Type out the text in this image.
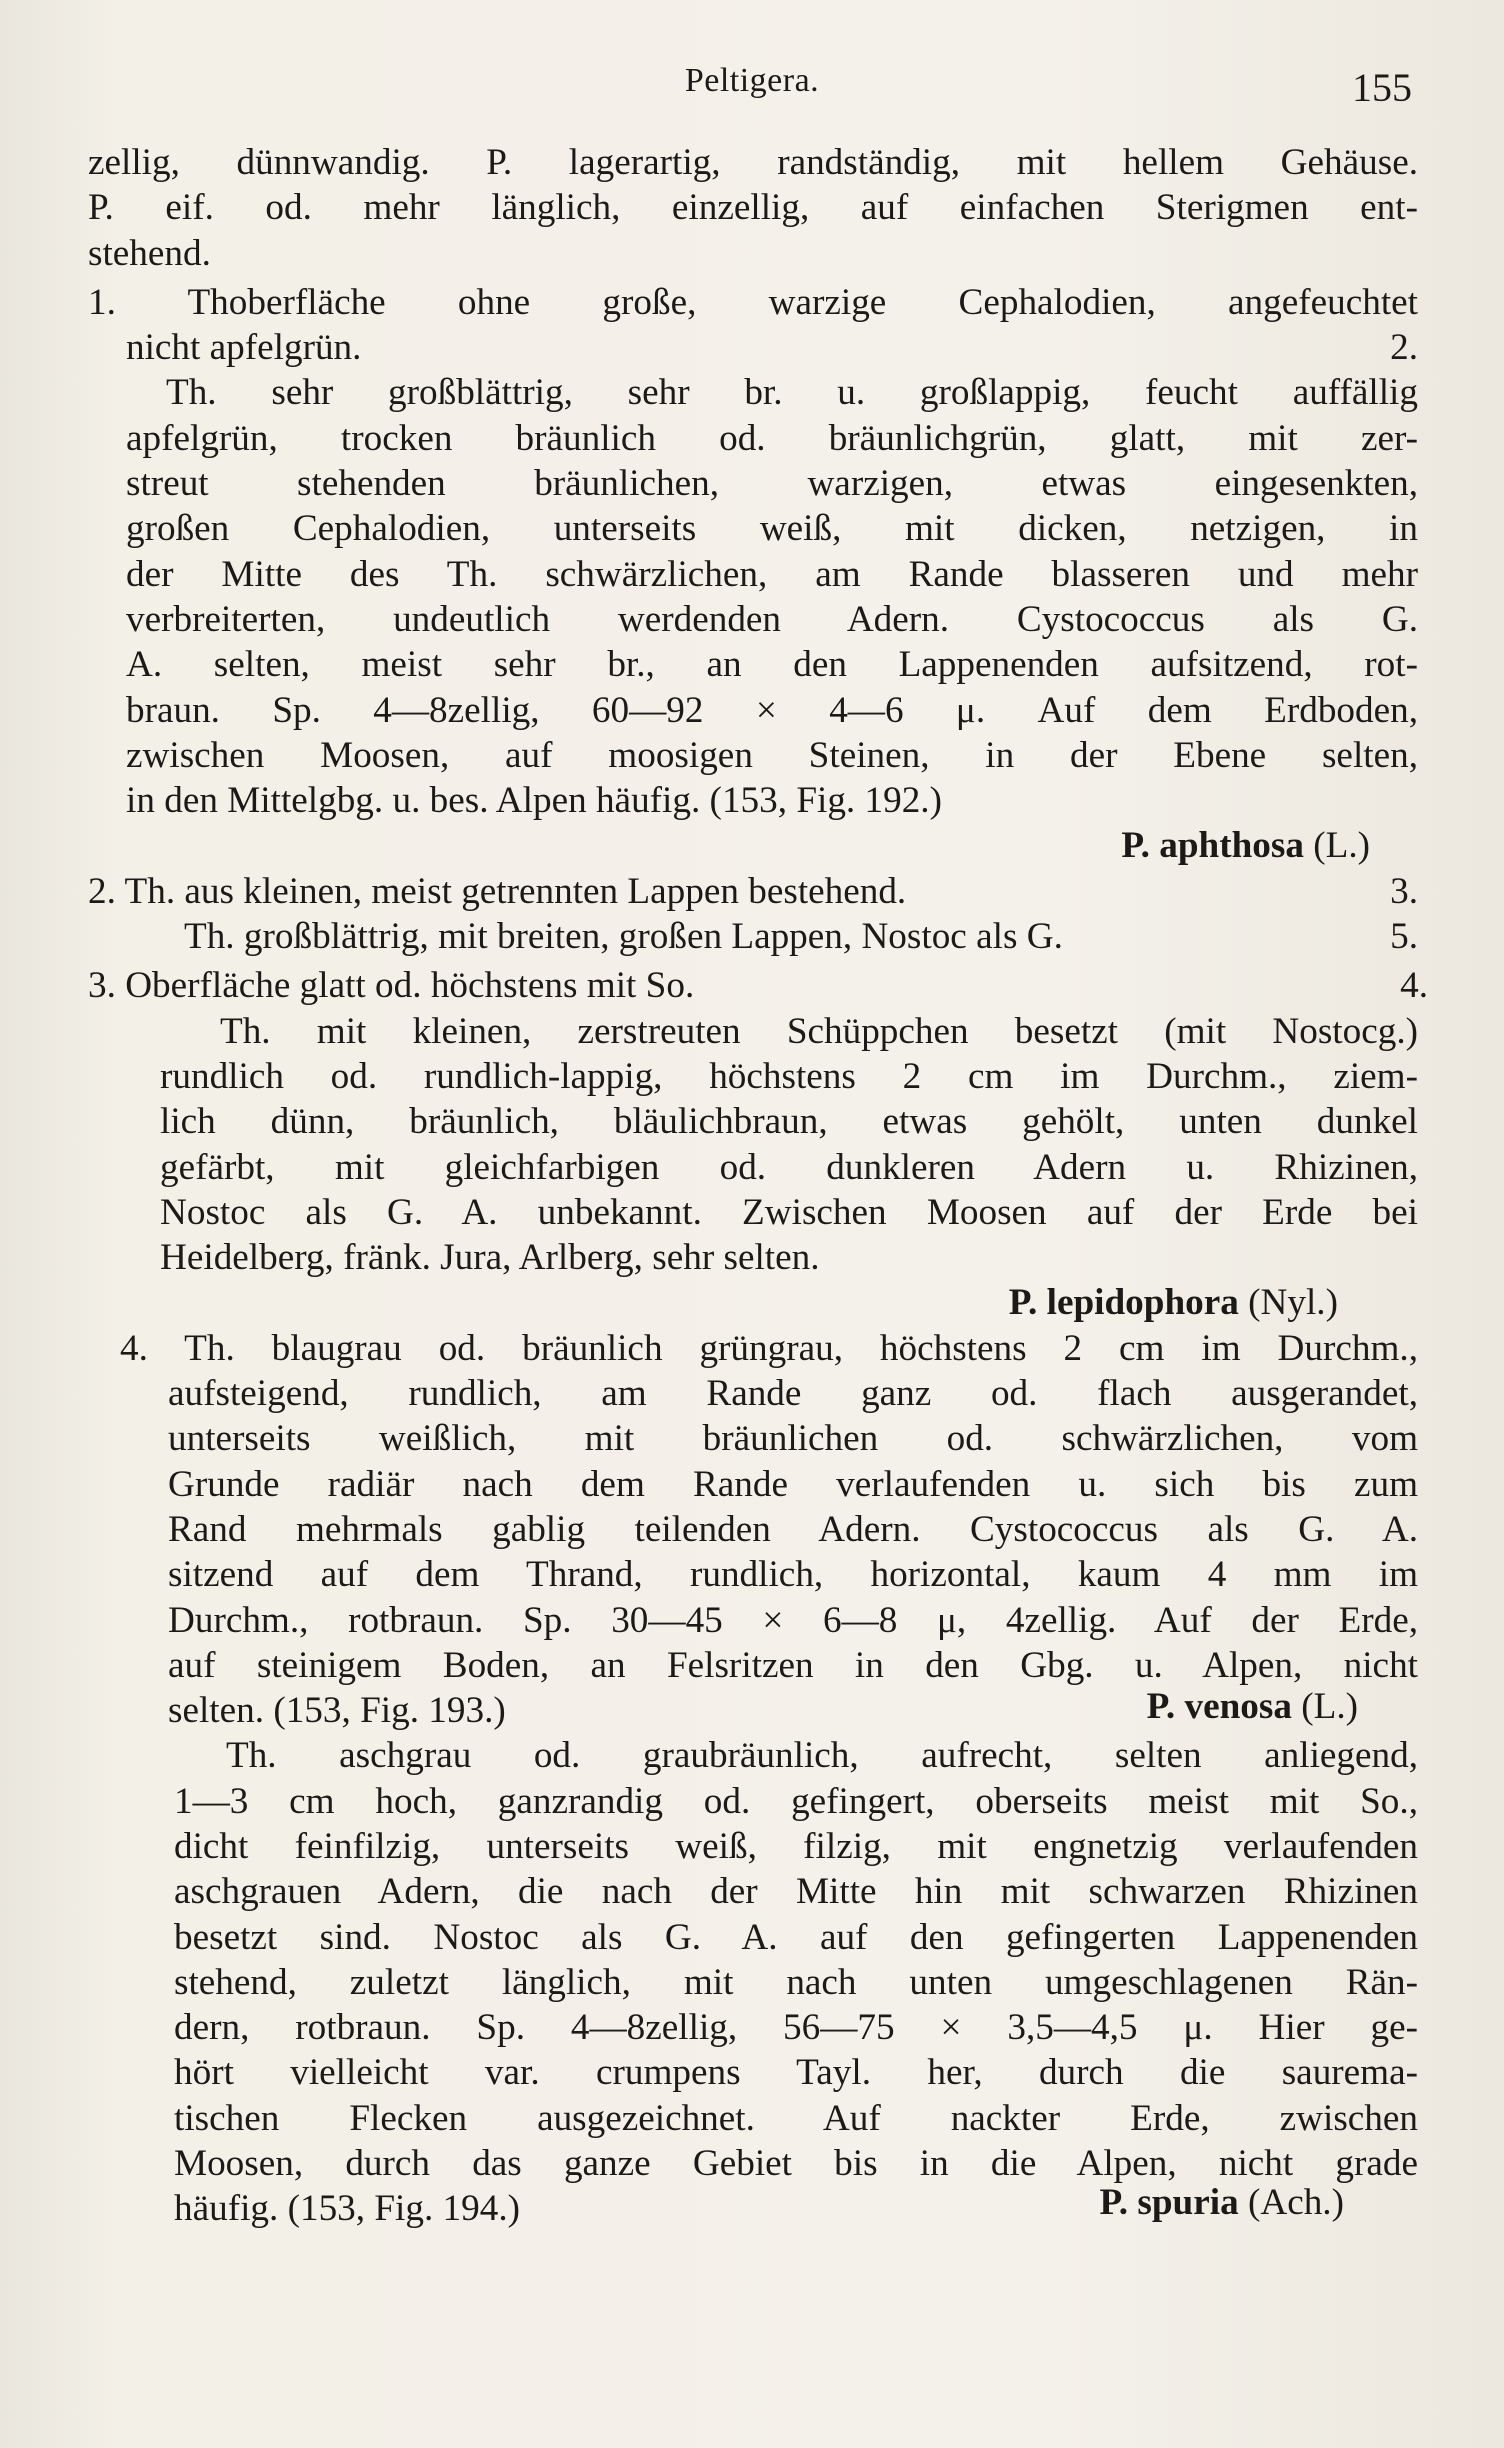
Peltigera.	155
zellig, dünnwandig. P. lagerartig, randständig, mit hellem Gehäuse.
P. eif. od. mehr länglich, einzellig, auf einfachen Sterigmen ent-
stehend.
1. Thoberfläche ohne große, warzige Cephalodien, angefeuchtet
nicht apfelgrün.	2.
Th. sehr großblättrig, sehr br. u. großlappig, feucht auffällig
apfelgrün, trocken bräunlich od. bräunlichgrün, glatt, mit zer-
streut stehenden bräunlichen, warzigen, etwas eingesenkten,
großen Cephalodien, unterseits weiß, mit dicken, netzigen, in
der Mitte des Th. schwärzlichen, am Rande blasseren und mehr
verbreiterten, undeutlich werdenden Adern. Cystococcus als G.
A. selten, meist sehr br., an den Lappenenden aufsitzend, rot-
braun. Sp. 4—8zellig, 60—92 × 4—6 μ. Auf dem Erdboden,
zwischen Moosen, auf moosigen Steinen, in der Ebene selten,
in den Mittelgbg. u. bes. Alpen häufig. (153, Fig. 192.)
P. aphthosa (L.)
2. Th. aus kleinen, meist getrennten Lappen bestehend.	3.
Th. großblättrig, mit breiten, großen Lappen, Nostoc als G.	5.
3. Oberfläche glatt od. höchstens mit So.	4.
Th. mit kleinen, zerstreuten Schüppchen besetzt (mit Nostocg.)
rundlich od. rundlich-lappig, höchstens 2 cm im Durchm., ziem-
lich dünn, bräunlich, bläulichbraun, etwas gehölt, unten dunkel
gefärbt, mit gleichfarbigen od. dunkleren Adern u. Rhizinen,
Nostoc als G. A. unbekannt. Zwischen Moosen auf der Erde bei
Heidelberg, fränk. Jura, Arlberg, sehr selten.
P. lepidophora (Nyl.)
4. Th. blaugrau od. bräunlich grüngrau, höchstens 2 cm im Durchm.,
aufsteigend, rundlich, am Rande ganz od. flach ausgerandet,
unterseits weißlich, mit bräunlichen od. schwärzlichen, vom
Grunde radiär nach dem Rande verlaufenden u. sich bis zum
Rand mehrmals gablig teilenden Adern. Cystococcus als G. A.
sitzend auf dem Thrand, rundlich, horizontal, kaum 4 mm im
Durchm., rotbraun. Sp. 30—45 × 6—8 μ, 4zellig. Auf der Erde,
auf steinigem Boden, an Felsritzen in den Gbg. u. Alpen, nicht
selten. (153, Fig. 193.)	P. venosa (L.)
Th. aschgrau od. graubräunlich, aufrecht, selten anliegend,
1—3 cm hoch, ganzrandig od. gefingert, oberseits meist mit So.,
dicht feinfilzig, unterseits weiß, filzig, mit engnetzig verlaufenden
aschgrauen Adern, die nach der Mitte hin mit schwarzen Rhizinen
besetzt sind. Nostoc als G. A. auf den gefingerten Lappenenden
stehend, zuletzt länglich, mit nach unten umgeschlagenen Rän-
dern, rotbraun. Sp. 4—8zellig, 56—75 × 3,5—4,5 μ. Hier ge-
hört vielleicht var. crumpens Tayl. her, durch die saurema-
tischen Flecken ausgezeichnet. Auf nackter Erde, zwischen
Moosen, durch das ganze Gebiet bis in die Alpen, nicht grade
häufig. (153, Fig. 194.)	P. spuria (Ach.)
